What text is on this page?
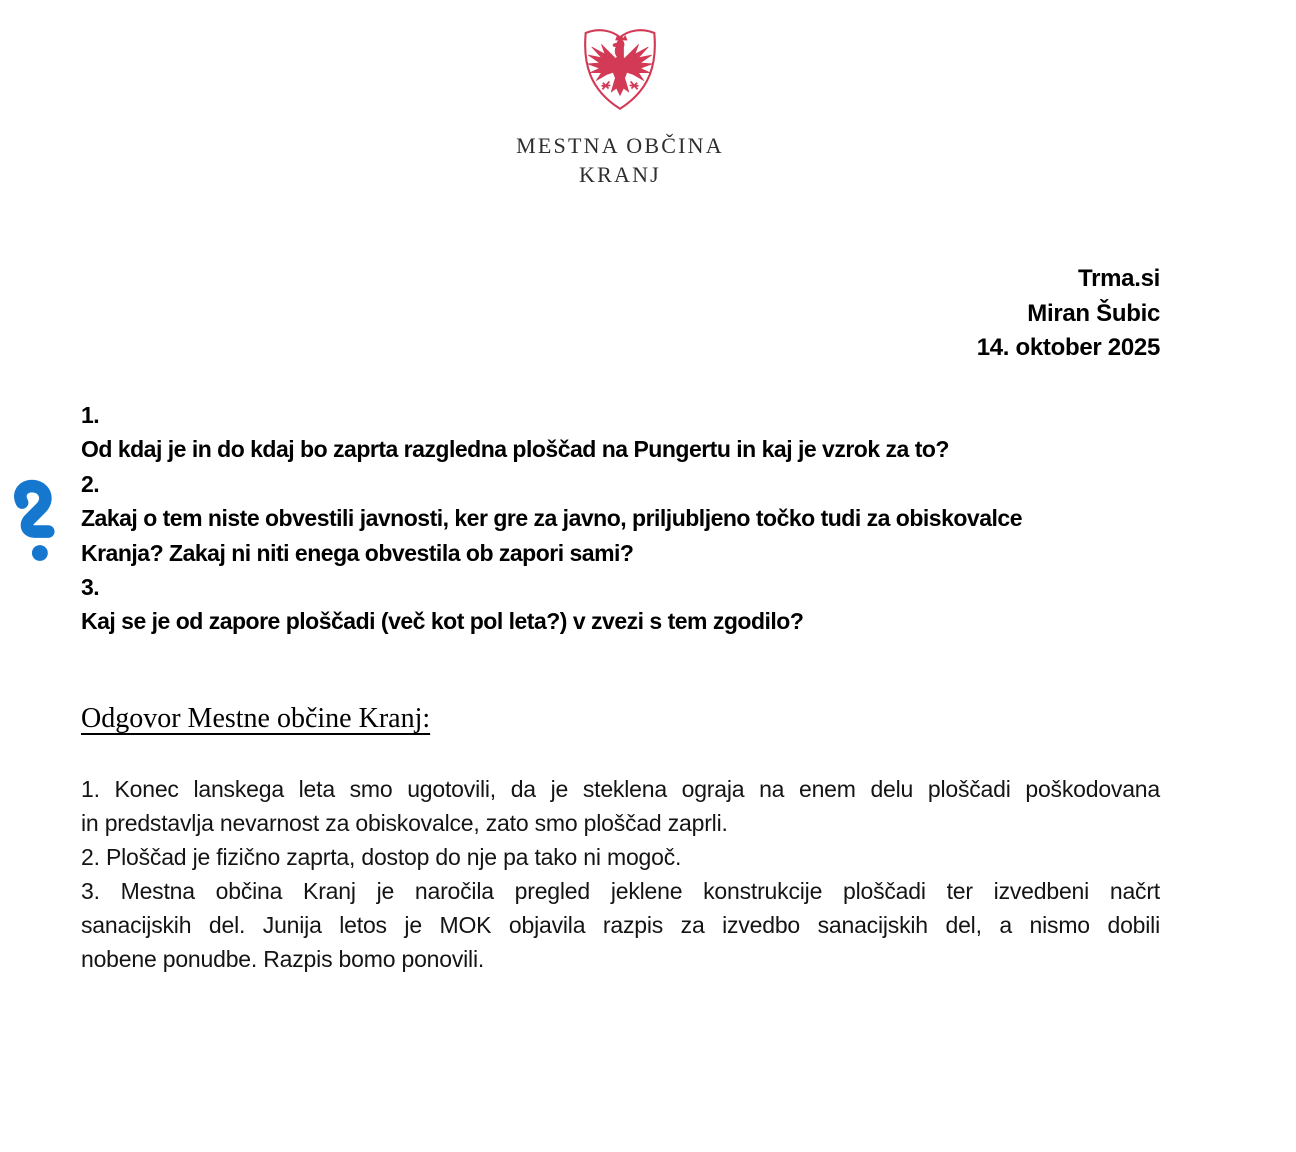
MESTNA OBČINA
KRANJ
Trma.si
Miran Šubic
14. oktober 2025
1.
Od kdaj je in do kdaj bo zaprta razgledna ploščad na Pungertu in kaj je vzrok za to?
2.
Zakaj o tem niste obvestili javnosti, ker gre za javno, priljubljeno točko tudi za obiskovalce
Kranja? Zakaj ni niti enega obvestila ob zapori sami?
3.
Kaj se je od zapore ploščadi (več kot pol leta?) v zvezi s tem zgodilo?
Odgovor Mestne občine Kranj:
1. Konec lanskega leta smo ugotovili, da je steklena ograja na enem delu ploščadi poškodovana
in predstavlja nevarnost za obiskovalce, zato smo ploščad zaprli.
2. Ploščad je fizično zaprta, dostop do nje pa tako ni mogoč.
3. Mestna občina Kranj je naročila pregled jeklene konstrukcije ploščadi ter izvedbeni načrt
sanacijskih del. Junija letos je MOK objavila razpis za izvedbo sanacijskih del, a nismo dobili
nobene ponudbe. Razpis bomo ponovili.
